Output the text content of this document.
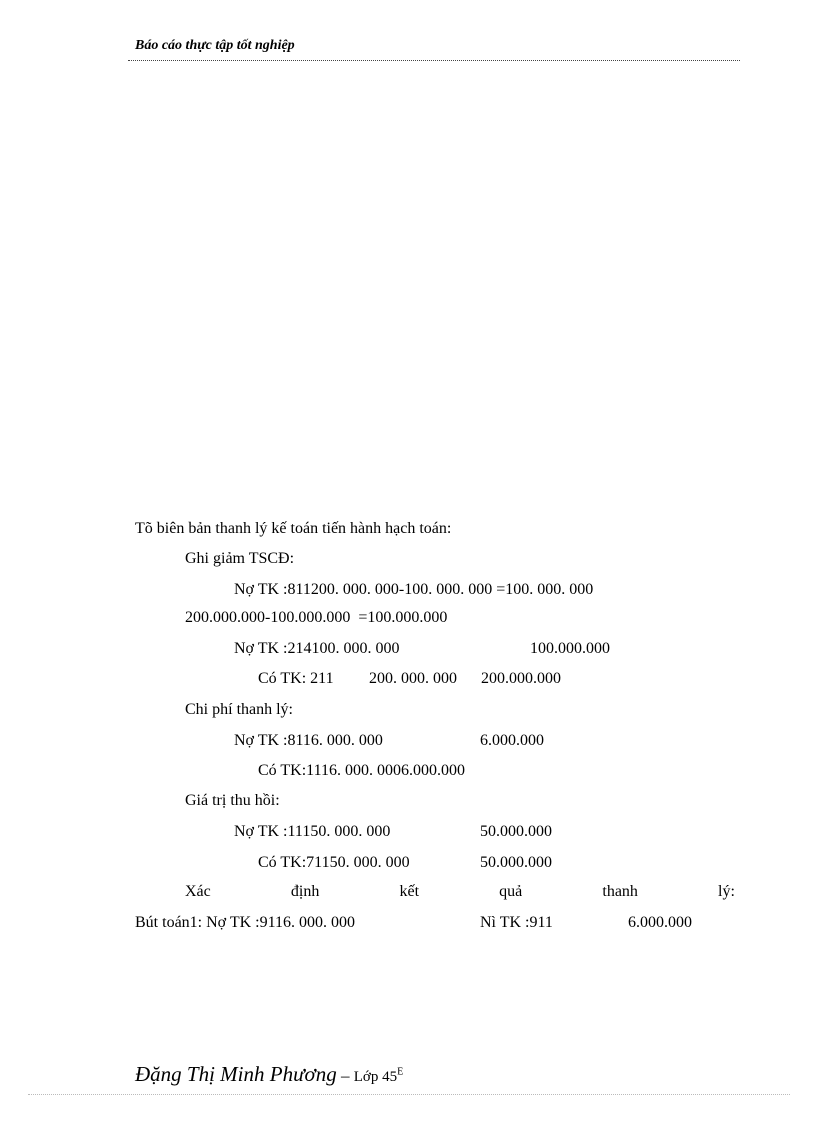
Báo cáo thực tập tốt nghiệp
Tõ biên bản thanh lý kế toán tiến hành hạch toán:
Ghi giảm TSCĐ:
Nợ TK :811200. 000. 000-100. 000. 000 =100. 000. 000
200.000.000-100.000.000  =100.000.000
Nợ TK :214100. 000. 000	100.000.000
Có TK: 211 200. 000. 000 200.000.000
Chi phí thanh lý:
Nợ TK :8116. 000. 000	6.000.000
Có TK:1116. 000. 0006.000.000
Giá trị thu hồi:
Nợ TK :11150. 000. 000	50.000.000
Có TK:71150. 000. 000	50.000.000
Xác	định	kết	quả	thanh	lý:
Bút toán1: Nợ TK :9116. 000. 000	Nì TK :911	6.000.000
Đặng Thị Minh Phương – Lớp 45$^E$
